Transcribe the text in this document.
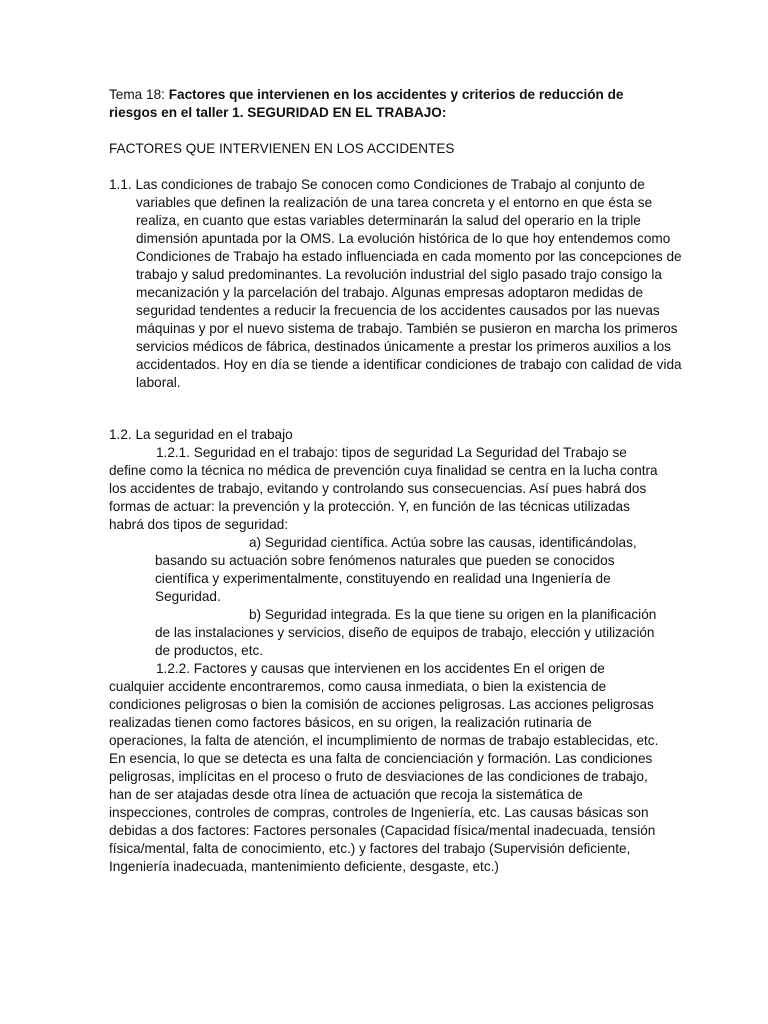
Tema 18: Factores que intervienen en los accidentes y criterios de reducción de riesgos en el taller 1. SEGURIDAD EN EL TRABAJO:

FACTORES QUE INTERVIENEN EN LOS ACCIDENTES

1.1. Las condiciones de trabajo Se conocen como Condiciones de Trabajo al conjunto de variables que definen la realización de una tarea concreta y el entorno en que ésta se realiza, en cuanto que estas variables determinarán la salud del operario en la triple dimensión apuntada por la OMS. La evolución histórica de lo que hoy entendemos como Condiciones de Trabajo ha estado influenciada en cada momento por las concepciones de trabajo y salud predominantes. La revolución industrial del siglo pasado trajo consigo la mecanización y la parcelación del trabajo. Algunas empresas adoptaron medidas de seguridad tendentes a reducir la frecuencia de los accidentes causados por las nuevas máquinas y por el nuevo sistema de trabajo. También se pusieron en marcha los primeros servicios médicos de fábrica, destinados únicamente a prestar los primeros auxilios a los accidentados. Hoy en día se tiende a identificar condiciones de trabajo con calidad de vida laboral.

1.2. La seguridad en el trabajo

1.2.1. Seguridad en el trabajo: tipos de seguridad La Seguridad del Trabajo se define como la técnica no médica de prevención cuya finalidad se centra en la lucha contra los accidentes de trabajo, evitando y controlando sus consecuencias. Así pues habrá dos formas de actuar: la prevención y la protección. Y, en función de las técnicas utilizadas habrá dos tipos de seguridad:

a) Seguridad científica. Actúa sobre las causas, identificándolas, basando su actuación sobre fenómenos naturales que pueden se conocidos científica y experimentalmente, constituyendo en realidad una Ingeniería de Seguridad.

b) Seguridad integrada. Es la que tiene su origen en la planificación de las instalaciones y servicios, diseño de equipos de trabajo, elección y utilización de productos, etc.

1.2.2. Factores y causas que intervienen en los accidentes En el origen de cualquier accidente encontraremos, como causa inmediata, o bien la existencia de condiciones peligrosas o bien la comisión de acciones peligrosas. Las acciones peligrosas realizadas tienen como factores básicos, en su origen, la realización rutinaria de operaciones, la falta de atención, el incumplimiento de normas de trabajo establecidas, etc. En esencia, lo que se detecta es una falta de concienciación y formación. Las condiciones peligrosas, implícitas en el proceso o fruto de desviaciones de las condiciones de trabajo, han de ser atajadas desde otra línea de actuación que recoja la sistemática de inspecciones, controles de compras, controles de Ingeniería, etc. Las causas básicas son debidas a dos factores: Factores personales (Capacidad física/mental inadecuada, tensión física/mental, falta de conocimiento, etc.) y factores del trabajo (Supervisión deficiente, Ingeniería inadecuada, mantenimiento deficiente, desgaste, etc.)
